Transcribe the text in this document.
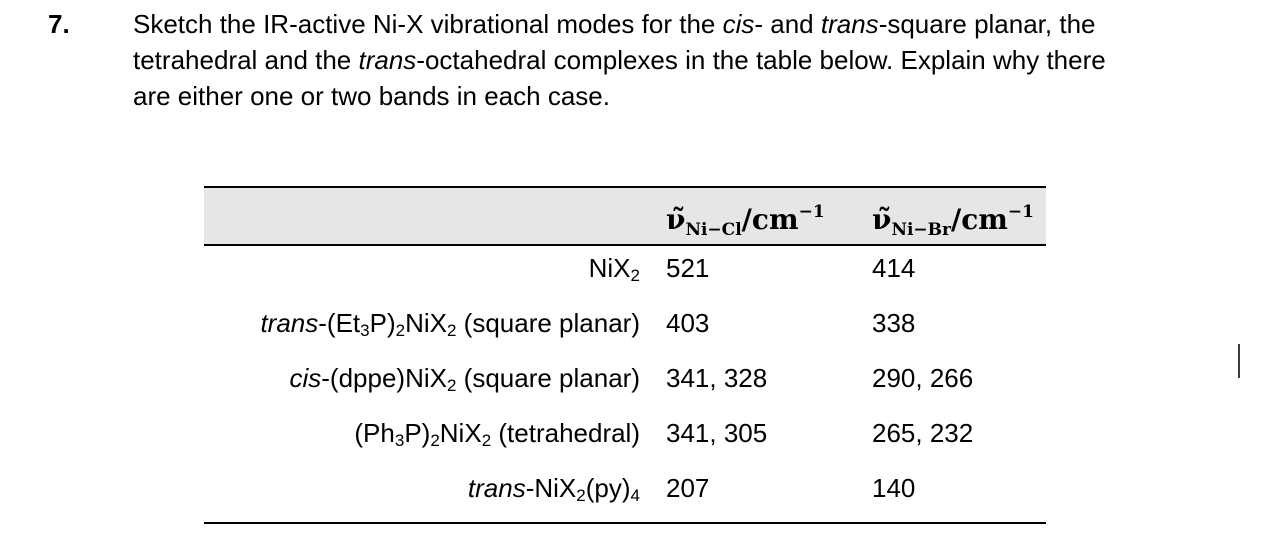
7. Sketch the IR-active Ni-X vibrational modes for the cis- and trans-square planar, the
tetrahedral and the trans-octahedral complexes in the table below. Explain why there
are either one or two bands in each case.
$\nũ_{Ni-Cl}/cm^{-1}$ $\nũ_{Ni-Br}/cm^{-1}$
NiX$_2$ 521	414
trans-$(Et_3P)_2NiX_2$ (square planar) 403	338
cis-(dppe)NiX$_2$ (square planar) 341, 328	290, 266
$(Ph_3P)_2NiX_2$ (tetrahedral) 341, 305	265, 232
trans-$NiX_2(py)_4$ 207	140
